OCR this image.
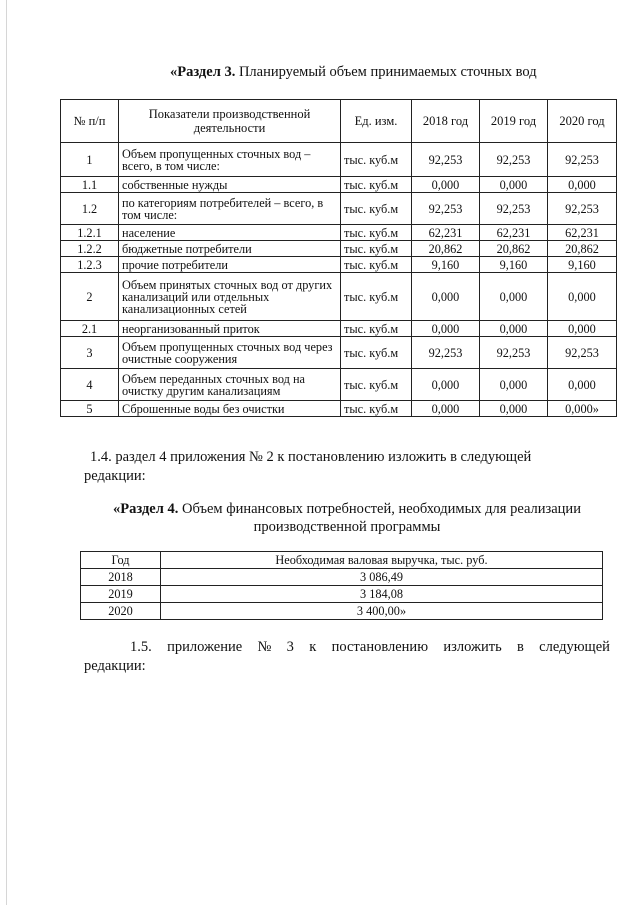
«Раздел 3. Планируемый объем принимаемых сточных вод
№ п/п	Показатели производственной деятельности	Ед. изм.	2018 год	2019 год	2020 год
1	Объем пропущенных сточных вод – всего, в том числе:	тыс. куб.м	92,253	92,253	92,253
1.1	собственные нужды	тыс. куб.м	0,000	0,000	0,000
1.2	по категориям потребителей – всего, в том числе:	тыс. куб.м	92,253	92,253	92,253
1.2.1	население	тыс. куб.м	62,231	62,231	62,231
1.2.2	бюджетные потребители	тыс. куб.м	20,862	20,862	20,862
1.2.3	прочие потребители	тыс. куб.м	9,160	9,160	9,160
2	Объем принятых сточных вод от других канализаций или отдельных канализационных сетей	тыс. куб.м	0,000	0,000	0,000
2.1	неорганизованный приток	тыс. куб.м	0,000	0,000	0,000
3	Объем пропущенных сточных вод через очистные сооружения	тыс. куб.м	92,253	92,253	92,253
4	Объем переданных сточных вод на очистку другим канализациям	тыс. куб.м	0,000	0,000	0,000
5	Сброшенные воды без очистки	тыс. куб.м	0,000	0,000	0,000»
1.4. раздел 4 приложения № 2 к постановлению изложить в следующей
редакции:
«Раздел 4. Объем финансовых потребностей, необходимых для реализации производственной программы
Год	Необходимая валовая выручка, тыс. руб.
2018	3 086,49
2019	3 184,08
2020	3 400,00»
1.5. приложение № 3 к постановлению изложить в следующей
редакции:
